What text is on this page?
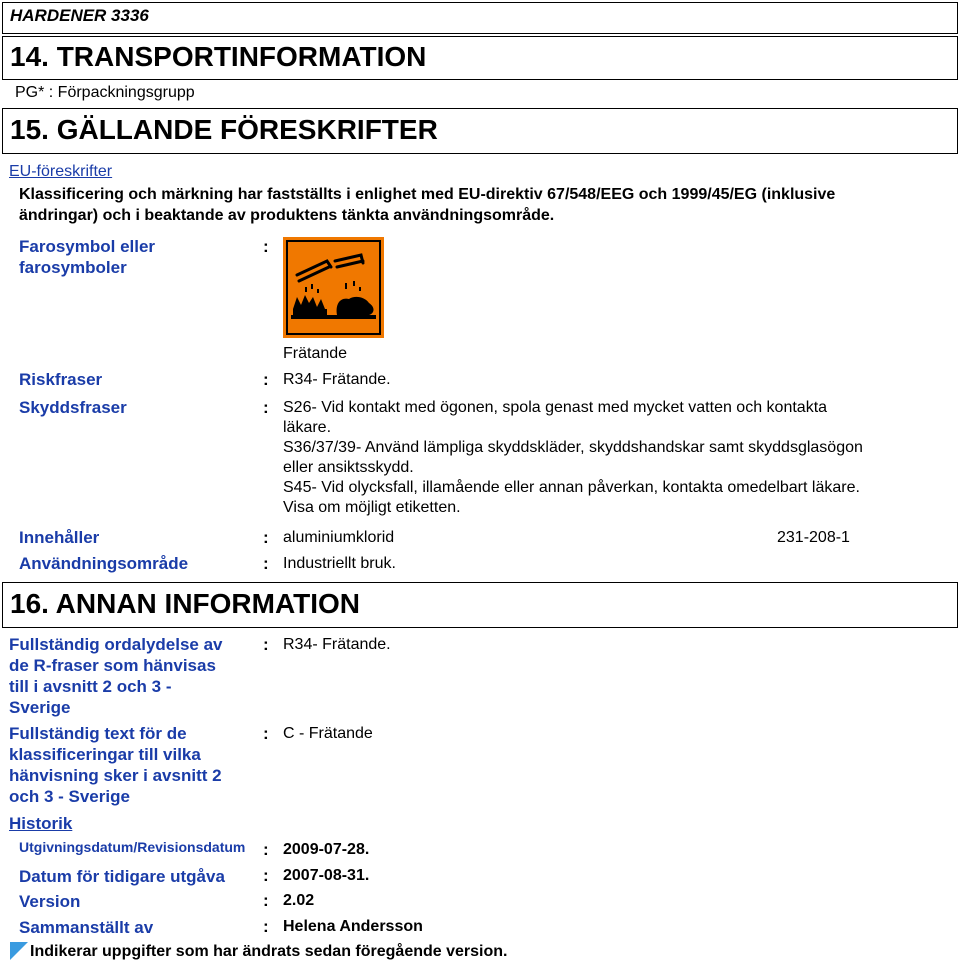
HARDENER 3336
14. TRANSPORTINFORMATION
PG* : Förpackningsgrupp
15. GÄLLANDE FÖRESKRIFTER
EU-föreskrifter
Klassificering och märkning har fastställts i enlighet med EU-direktiv 67/548/EEG och 1999/45/EG (inklusive
ändringar) och i beaktande av produktens tänkta användningsområde.
Farosymbol eller
farosymboler
:
Frätande
Riskfraser	: R34- Frätande.
Skyddsfraser	: S26- Vid kontakt med ögonen, spola genast med mycket vatten och kontakta
läkare.
S36/37/39- Använd lämpliga skyddskläder, skyddshandskar samt skyddsglasögon
eller ansiktsskydd.
S45- Vid olycksfall, illamående eller annan påverkan, kontakta omedelbart läkare.
Visa om möjligt etiketten.
Innehåller	: aluminiumklorid	231-208-1
Användningsområde	: Industriellt bruk.
16. ANNAN INFORMATION
Fullständig ordalydelse av
de R-fraser som hänvisas
till i avsnitt 2 och 3 -
Sverige
: R34- Frätande.
Fullständig text för de
klassificeringar till vilka
hänvisning sker i avsnitt 2
och 3 - Sverige
: C - Frätande
Historik
Utgivningsdatum/Revisionsdatum : 2009-07-28.
Datum för tidigare utgåva : 2007-08-31.
Version	: 2.02
Sammanställt av	: Helena Andersson
Indikerar uppgifter som har ändrats sedan föregående version.
